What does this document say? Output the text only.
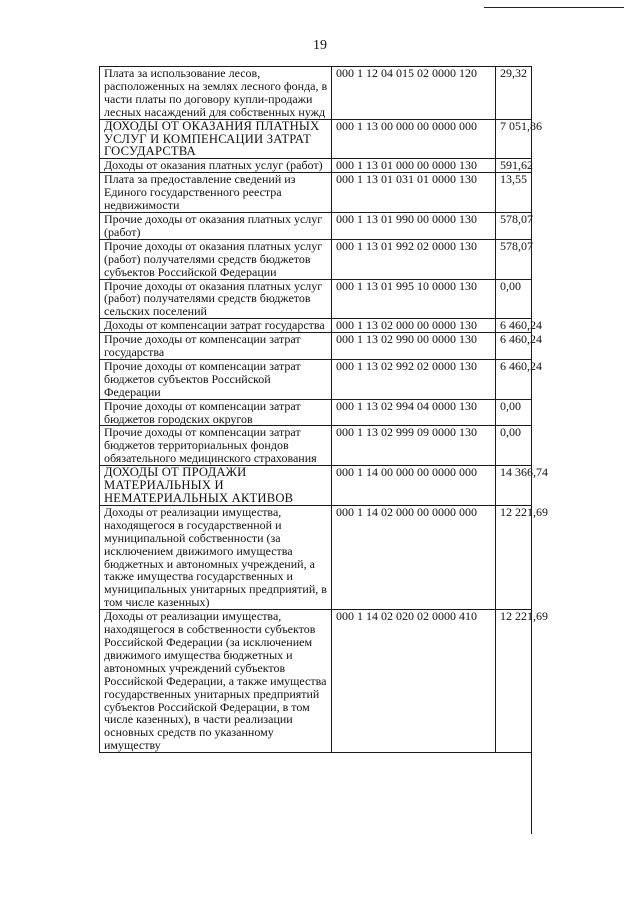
19
Плата за использование лесов, расположенных на землях лесного фонда, в части платы по договору купли-продажи лесных насаждений для собственных нужд	000 1 12 04 015 02 0000 120	29,32
ДОХОДЫ ОТ ОКАЗАНИЯ ПЛАТНЫХ УСЛУГ И КОМПЕНСАЦИИ ЗАТРАТ ГОСУДАРСТВА	000 1 13 00 000 00 0000 000	7 051,86
Доходы от оказания платных услуг (работ)	000 1 13 01 000 00 0000 130	591,62
Плата за предоставление сведений из Единого государственного реестра недвижимости	000 1 13 01 031 01 0000 130	13,55
Прочие доходы от оказания платных услуг (работ)	000 1 13 01 990 00 0000 130	578,07
Прочие доходы от оказания платных услуг (работ) получателями средств бюджетов субъектов Российской Федерации	000 1 13 01 992 02 0000 130	578,07
Прочие доходы от оказания платных услуг (работ) получателями средств бюджетов сельских поселений	000 1 13 01 995 10 0000 130	0,00
Доходы от компенсации затрат государства	000 1 13 02 000 00 0000 130	6 460,24
Прочие доходы от компенсации затрат государства	000 1 13 02 990 00 0000 130	6 460,24
Прочие доходы от компенсации затрат бюджетов субъектов Российской Федерации	000 1 13 02 992 02 0000 130	6 460,24
Прочие доходы от компенсации затрат бюджетов городских округов	000 1 13 02 994 04 0000 130	0,00
Прочие доходы от компенсации затрат бюджетов территориальных фондов обязательного медицинского страхования	000 1 13 02 999 09 0000 130	0,00
ДОХОДЫ ОТ ПРОДАЖИ МАТЕРИАЛЬНЫХ И НЕМАТЕРИАЛЬНЫХ АКТИВОВ	000 1 14 00 000 00 0000 000	14 366,74
Доходы от реализации имущества, находящегося в государственной и муниципальной собственности (за исключением движимого имущества бюджетных и автономных учреждений, а также имущества государственных и муниципальных унитарных предприятий, в том числе казенных)	000 1 14 02 000 00 0000 000	12 221,69
Доходы от реализации имущества, находящегося в собственности субъектов Российской Федерации (за исключением движимого имущества бюджетных и автономных учреждений субъектов Российской Федерации, а также имущества государственных унитарных предприятий субъектов Российской Федерации, в том числе казенных), в части реализации основных средств по указанному имуществу	000 1 14 02 020 02 0000 410	12 221,69
